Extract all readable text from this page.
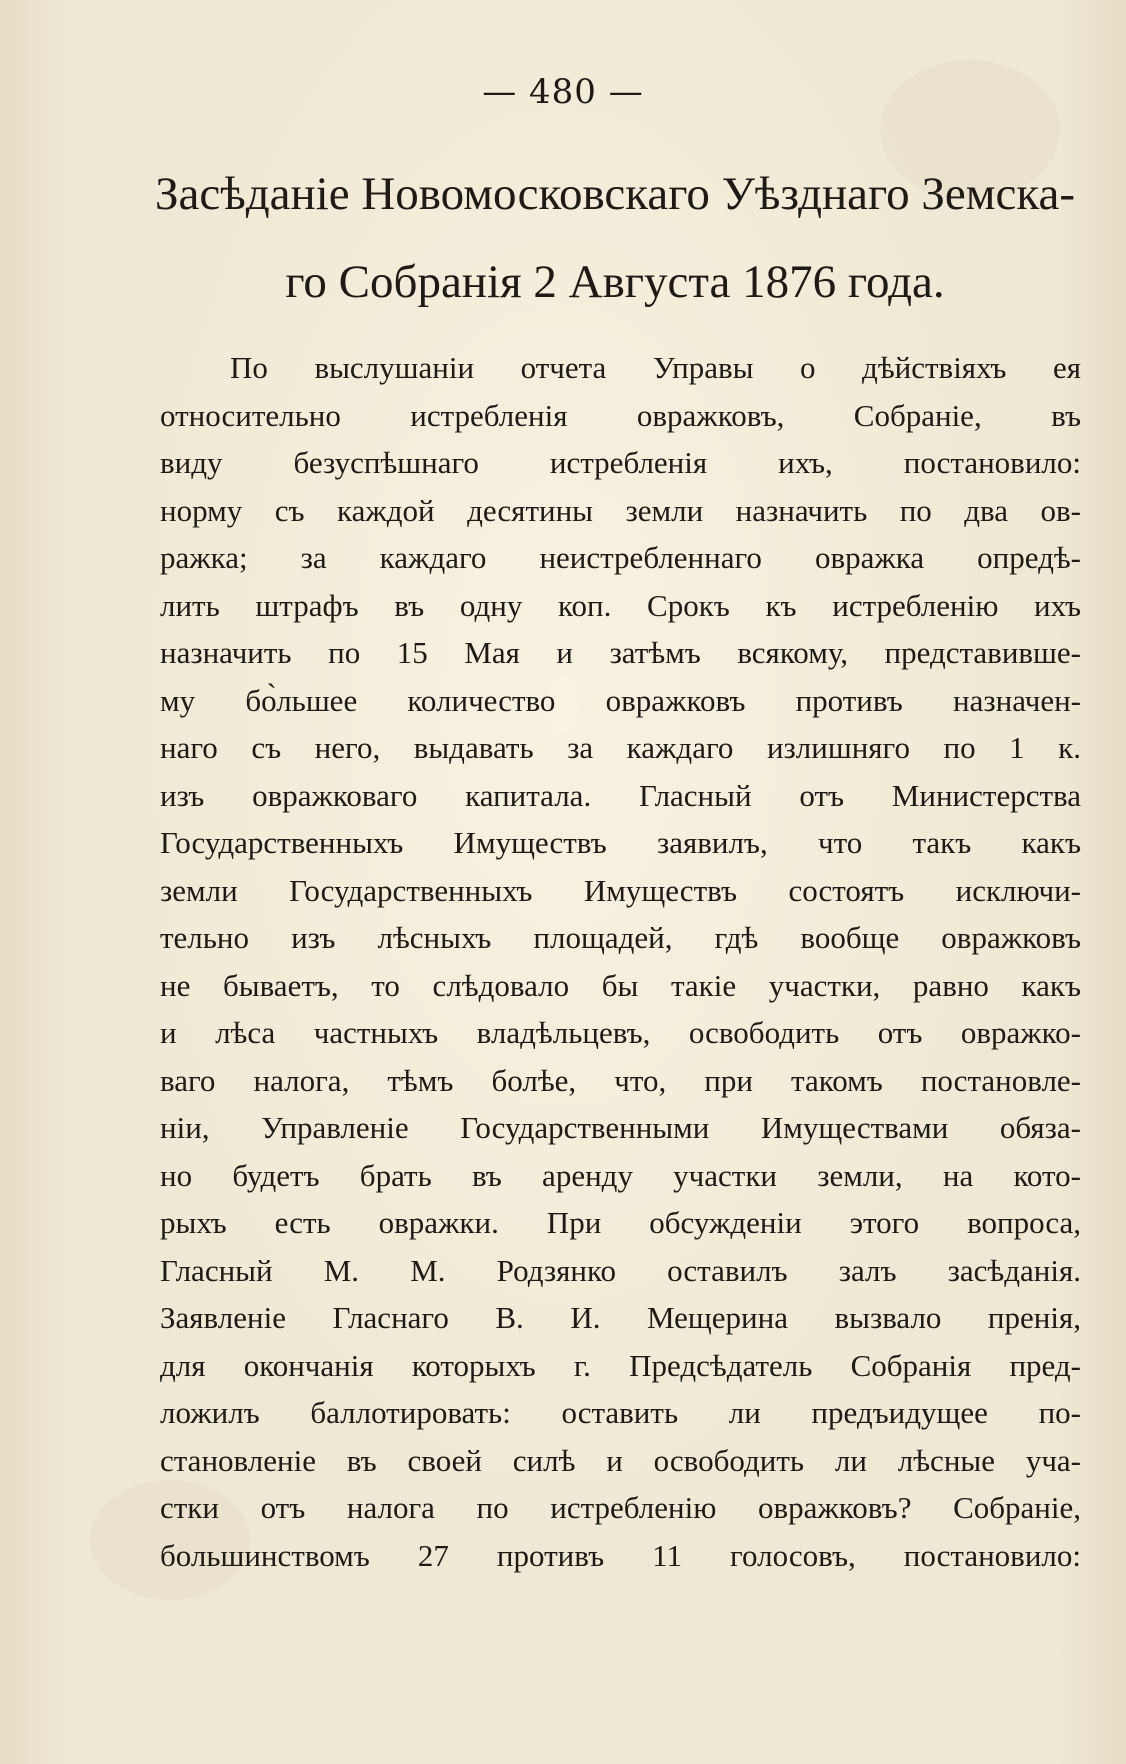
— 480 —
Засѣданіе Новомосковскаго Уѣзднаго Земска-
го Собранія 2 Августа 1876 года.
По выслушаніи отчета Управы о дѣйствіяхъ ея
относительно истребленія овражковъ, Собраніе, въ
виду безуспѣшнаго истребленія ихъ, постановило:
норму съ каждой десятины земли назначить по два ов-
ражка; за каждаго неистребленнаго овражка опредѣ-
лить штрафъ въ одну коп. Срокъ къ истребленію ихъ
назначить по 15 Мая и затѣмъ всякому, представивше-
му бо̀льшее количество овражковъ противъ назначен-
наго съ него, выдавать за каждаго излишняго по 1 к.
изъ овражковаго капитала. Гласный отъ Министерства
Государственныхъ Имуществъ заявилъ, что такъ какъ
земли Государственныхъ Имуществъ состоятъ исключи-
тельно изъ лѣсныхъ площадей, гдѣ вообще овражковъ
не бываетъ, то слѣдовало бы такіе участки, равно какъ
и лѣса частныхъ владѣльцевъ, освободить отъ овражко-
ваго налога, тѣмъ болѣе, что, при такомъ постановле-
ніи, Управленіе Государственными Имуществами обяза-
но будетъ брать въ аренду участки земли, на кото-
рыхъ есть овражки. При обсужденіи этого вопроса,
Гласный М. М. Родзянко оставилъ залъ засѣданія.
Заявленіе Гласнаго В. И. Мещерина вызвало пренія,
для окончанія которыхъ г. Предсѣдатель Собранія пред-
ложилъ баллотировать: оставить ли предъидущее по-
становленіе въ своей силѣ и освободить ли лѣсные уча-
стки отъ налога по истребленію овражковъ? Собраніе,
большинствомъ 27 противъ 11 голосовъ, постановило:
